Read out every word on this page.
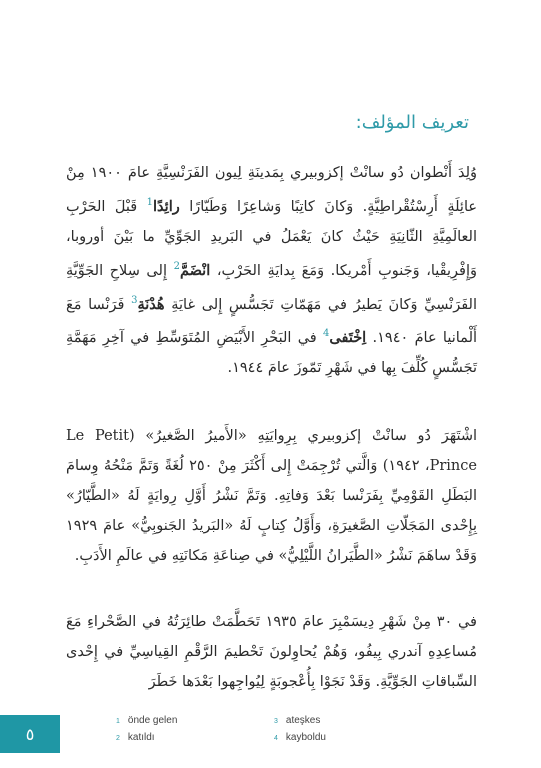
تعريف المؤلف:

وُلِدَ أَنْطوان دُو سانْتْ إكزوبيري بِمَدينَةِ لِيون الفَرَنْسِيَّةِ عامَ ١٩٠٠ مِنْ عائِلَةٍ أَرِسْتُقْراطِيَّةٍ. وَكانَ كاتِبًا وَشاعِرًا وَطَيّارًا رائِدًا$^1$ قَبْلَ الحَرْبِ العالَمِيَّةِ الثّانِيَةِ حَيْثُ كانَ يَعْمَلُ في البَريدِ الجَوِّيِّ ما بَيْنَ أوروبا، وَإِفْرِيقْيا، وَجَنوبِ أَمْريكا. وَمَعَ بِدايَةِ الحَرْبِ، انْضَمَّ$^2$ إِلى سِلاحِ الجَوِّيَّةِ الفَرَنْسِيِّ وَكانَ يَطيرُ في مَهَمّاتِ تَجَسُّسٍ إِلى غايَةِ هُدْنَةِ$^3$ فَرَنْسا مَعَ أَلْمانيا عامَ ١٩٤٠. اِخْتَفى$^4$ في البَحْرِ الأَبْيَضِ المُتَوَسِّطِ في آخِرِ مَهَمَّةِ تَجَسُّسٍ كُلِّفَ بِها في شَهْرِ تَمّوزَ عامَ ١٩٤٤.

اشْتَهَرَ دُو سانْتْ إكزوبيري بِرِوايَتِهِ «الأَميرُ الصَّغيرُ» (Le Petit Prince، ١٩٤٢) وَالَّتي تُرْجِمَتْ إِلى أَكْثَرَ مِنْ ٢٥٠ لُغَةً وَتَمَّ مَنْحُهُ وِسامَ البَطَلِ القَوْمِيِّ بِفَرَنْسا بَعْدَ وَفاتِهِ. وَتَمَّ نَشْرُ أَوَّلِ رِوايَةٍ لَهُ «الطَّيّارُ» بِإِحْدى المَجَلّاتِ الصَّغيرَةِ، وَأَوَّلُ كِتابٍ لَهُ «البَريدُ الجَنوبِيُّ» عامَ ١٩٢٩ وَقَدْ ساهَمَ نَشْرُ «الطَّيَرانُ اللَّيْلِيُّ» في صِناعَةِ مَكانَتِهِ في عالَمِ الأَدَبِ.

في ٣٠ مِنْ شَهْرِ دِيسَمْبِرَ عامَ ١٩٣٥ تَحَطَّمَتْ طائِرَتُهُ في الصَّحْراءِ مَعَ مُساعِدِهِ آندري بِيفُو، وَهُمْ يُحاوِلونَ تَحْطيمَ الرَّقْمِ القِياسِيِّ في إِحْدى السِّباقاتِ الجَوِّيَّةِ. وَقَدْ نَجَوْا بِأُعْجوبَةٍ لِيُواجِهوا بَعْدَها خَطَرَ

1 önde gelen
2 katıldı
3 ateşkes
4 kayboldu
٥
